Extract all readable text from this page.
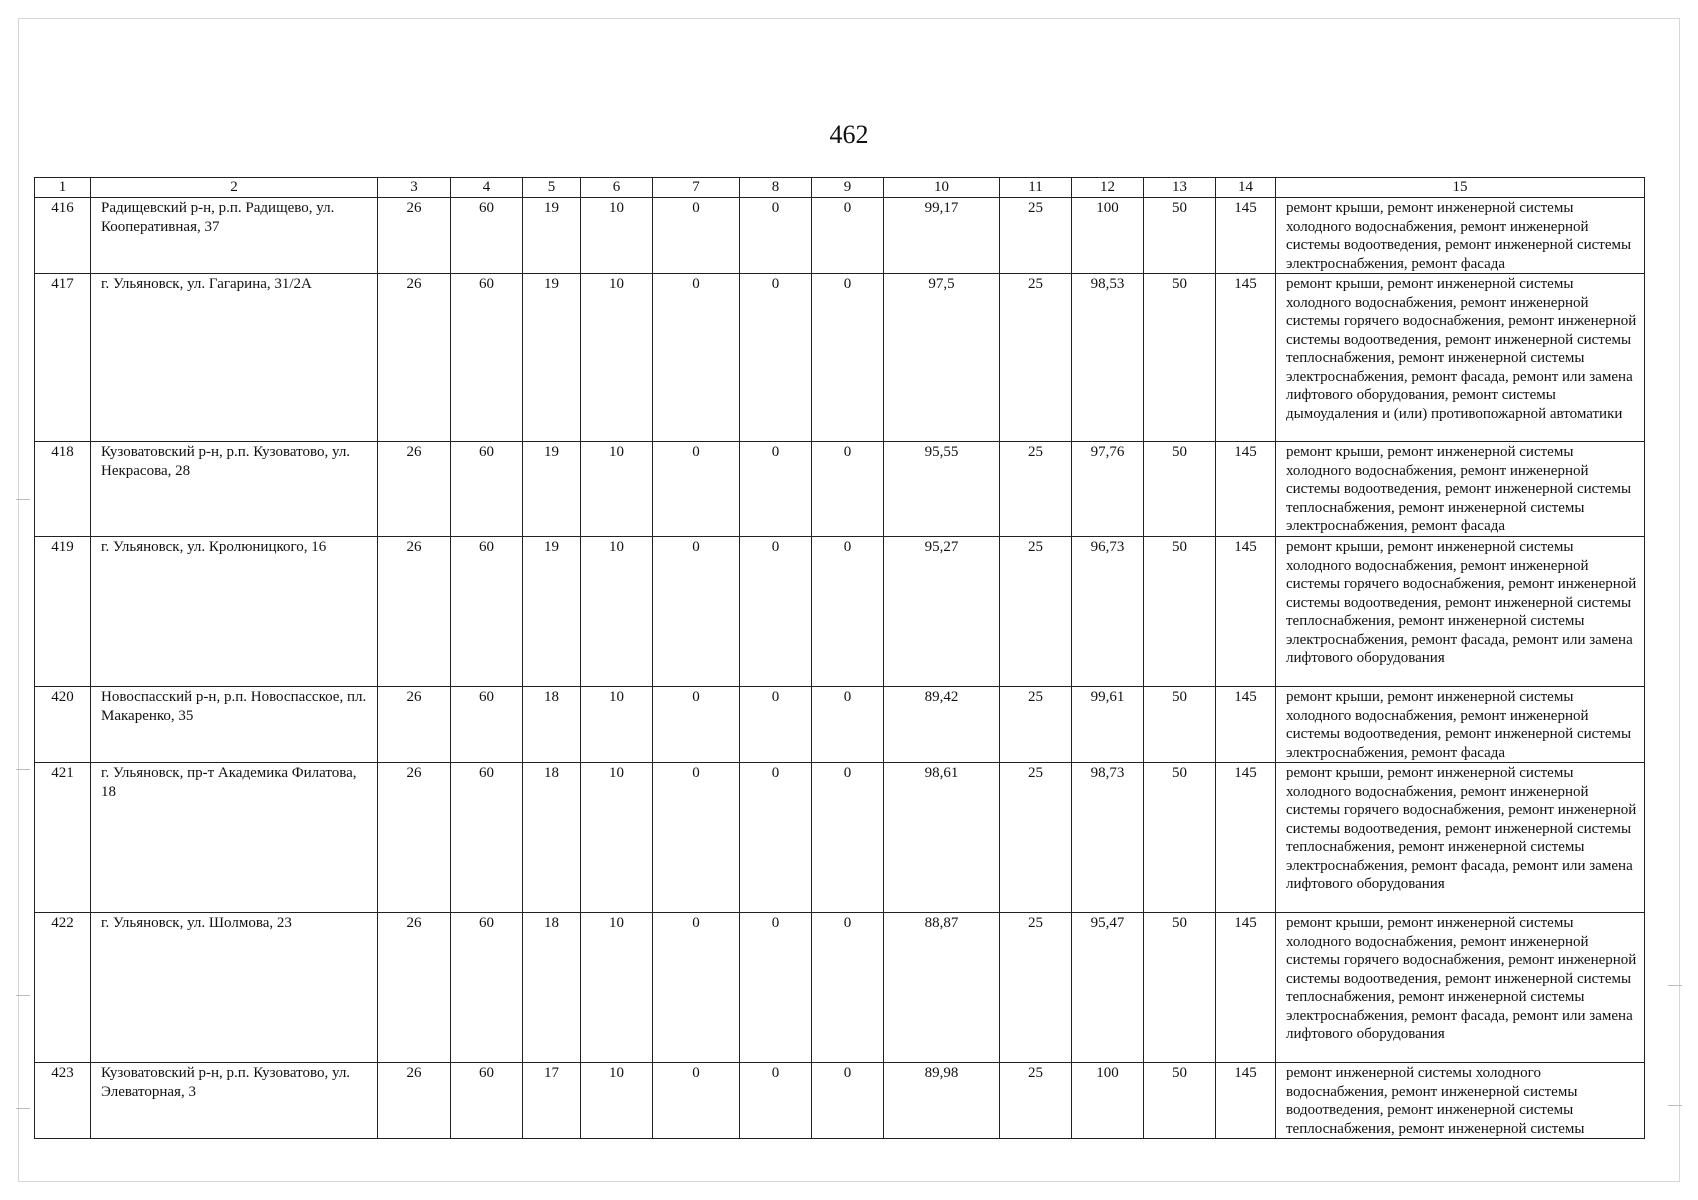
462
1	2	3	4	5	6	7	8	9	10	11	12	13	14	15
416	Радищевский р-н, р.п. Радищево, ул. Кооперативная, 37	26	60	19	10	0	0	0	99,17	25	100	50	145	ремонт крыши, ремонт инженерной системы холодного водоснабжения, ремонт инженерной системы водоотведения, ремонт инженерной системы электроснабжения, ремонт фасада
417	г. Ульяновск, ул. Гагарина, 31/2А	26	60	19	10	0	0	0	97,5	25	98,53	50	145	ремонт крыши, ремонт инженерной системы холодного водоснабжения, ремонт инженерной системы горячего водоснабжения, ремонт инженерной системы водоотведения, ремонт инженерной системы теплоснабжения, ремонт инженерной системы электроснабжения, ремонт фасада, ремонт или замена лифтового оборудования, ремонт системы дымоудаления и (или) противопожарной автоматики
418	Кузоватовский р-н, р.п. Кузоватово, ул. Некрасова, 28	26	60	19	10	0	0	0	95,55	25	97,76	50	145	ремонт крыши, ремонт инженерной системы холодного водоснабжения, ремонт инженерной системы водоотведения, ремонт инженерной системы теплоснабжения, ремонт инженерной системы электроснабжения, ремонт фасада
419	г. Ульяновск, ул. Кролюницкого, 16	26	60	19	10	0	0	0	95,27	25	96,73	50	145	ремонт крыши, ремонт инженерной системы холодного водоснабжения, ремонт инженерной системы горячего водоснабжения, ремонт инженерной системы водоотведения, ремонт инженерной системы теплоснабжения, ремонт инженерной системы электроснабжения, ремонт фасада, ремонт или замена лифтового оборудования
420	Новоспасский р-н, р.п. Новоспасское, пл. Макаренко, 35	26	60	18	10	0	0	0	89,42	25	99,61	50	145	ремонт крыши, ремонт инженерной системы холодного водоснабжения, ремонт инженерной системы водоотведения, ремонт инженерной системы электроснабжения, ремонт фасада
421	г. Ульяновск, пр-т Академика Филатова, 18	26	60	18	10	0	0	0	98,61	25	98,73	50	145	ремонт крыши, ремонт инженерной системы холодного водоснабжения, ремонт инженерной системы горячего водоснабжения, ремонт инженерной системы водоотведения, ремонт инженерной системы теплоснабжения, ремонт инженерной системы электроснабжения, ремонт фасада, ремонт или замена лифтового оборудования
422	г. Ульяновск, ул. Шолмова, 23	26	60	18	10	0	0	0	88,87	25	95,47	50	145	ремонт крыши, ремонт инженерной системы холодного водоснабжения, ремонт инженерной системы горячего водоснабжения, ремонт инженерной системы водоотведения, ремонт инженерной системы теплоснабжения, ремонт инженерной системы электроснабжения, ремонт фасада, ремонт или замена лифтового оборудования
423	Кузоватовский р-н, р.п. Кузоватово, ул. Элеваторная, 3	26	60	17	10	0	0	0	89,98	25	100	50	145	ремонт инженерной системы холодного водоснабжения, ремонт инженерной системы водоотведения, ремонт инженерной системы теплоснабжения, ремонт инженерной системы
